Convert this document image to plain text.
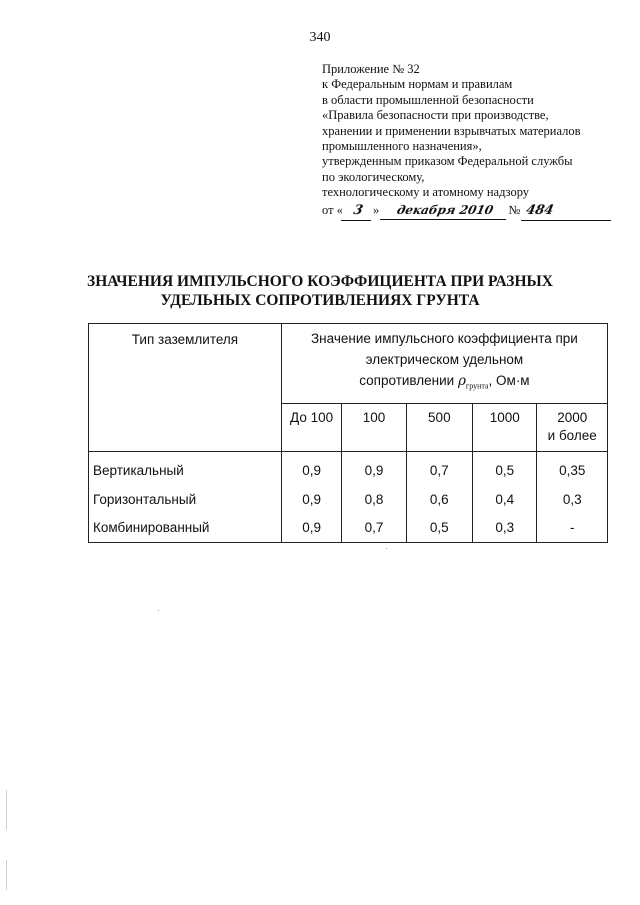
340
Приложение № 32
к Федеральным нормам и правилам
в области промышленной безопасности
«Правила безопасности при производстве,
хранении и применении взрывчатых материалов
промышленного назначения»,
утвержденным приказом Федеральной службы
по экологическому,
технологическому и атомному надзору
от « 3 » декабря 2010 № 484
ЗНАЧЕНИЯ ИМПУЛЬСНОГО КОЭФФИЦИЕНТА ПРИ РАЗНЫХ
УДЕЛЬНЫХ СОПРОТИВЛЕНИЯХ ГРУНТА
Тип заземлителя	Значение импульсного коэффициента при
электрическом удельном
сопротивлении $\rho_{грунта}$, Ом·м				

	До 100	100	500	1000	2000
и более

Вертикальный	0,9	0,9	0,7	0,5	0,35
Горизонтальный	0,9	0,8	0,6	0,4	0,3
Комбинированный	0,9	0,7	0,5	0,3	-
